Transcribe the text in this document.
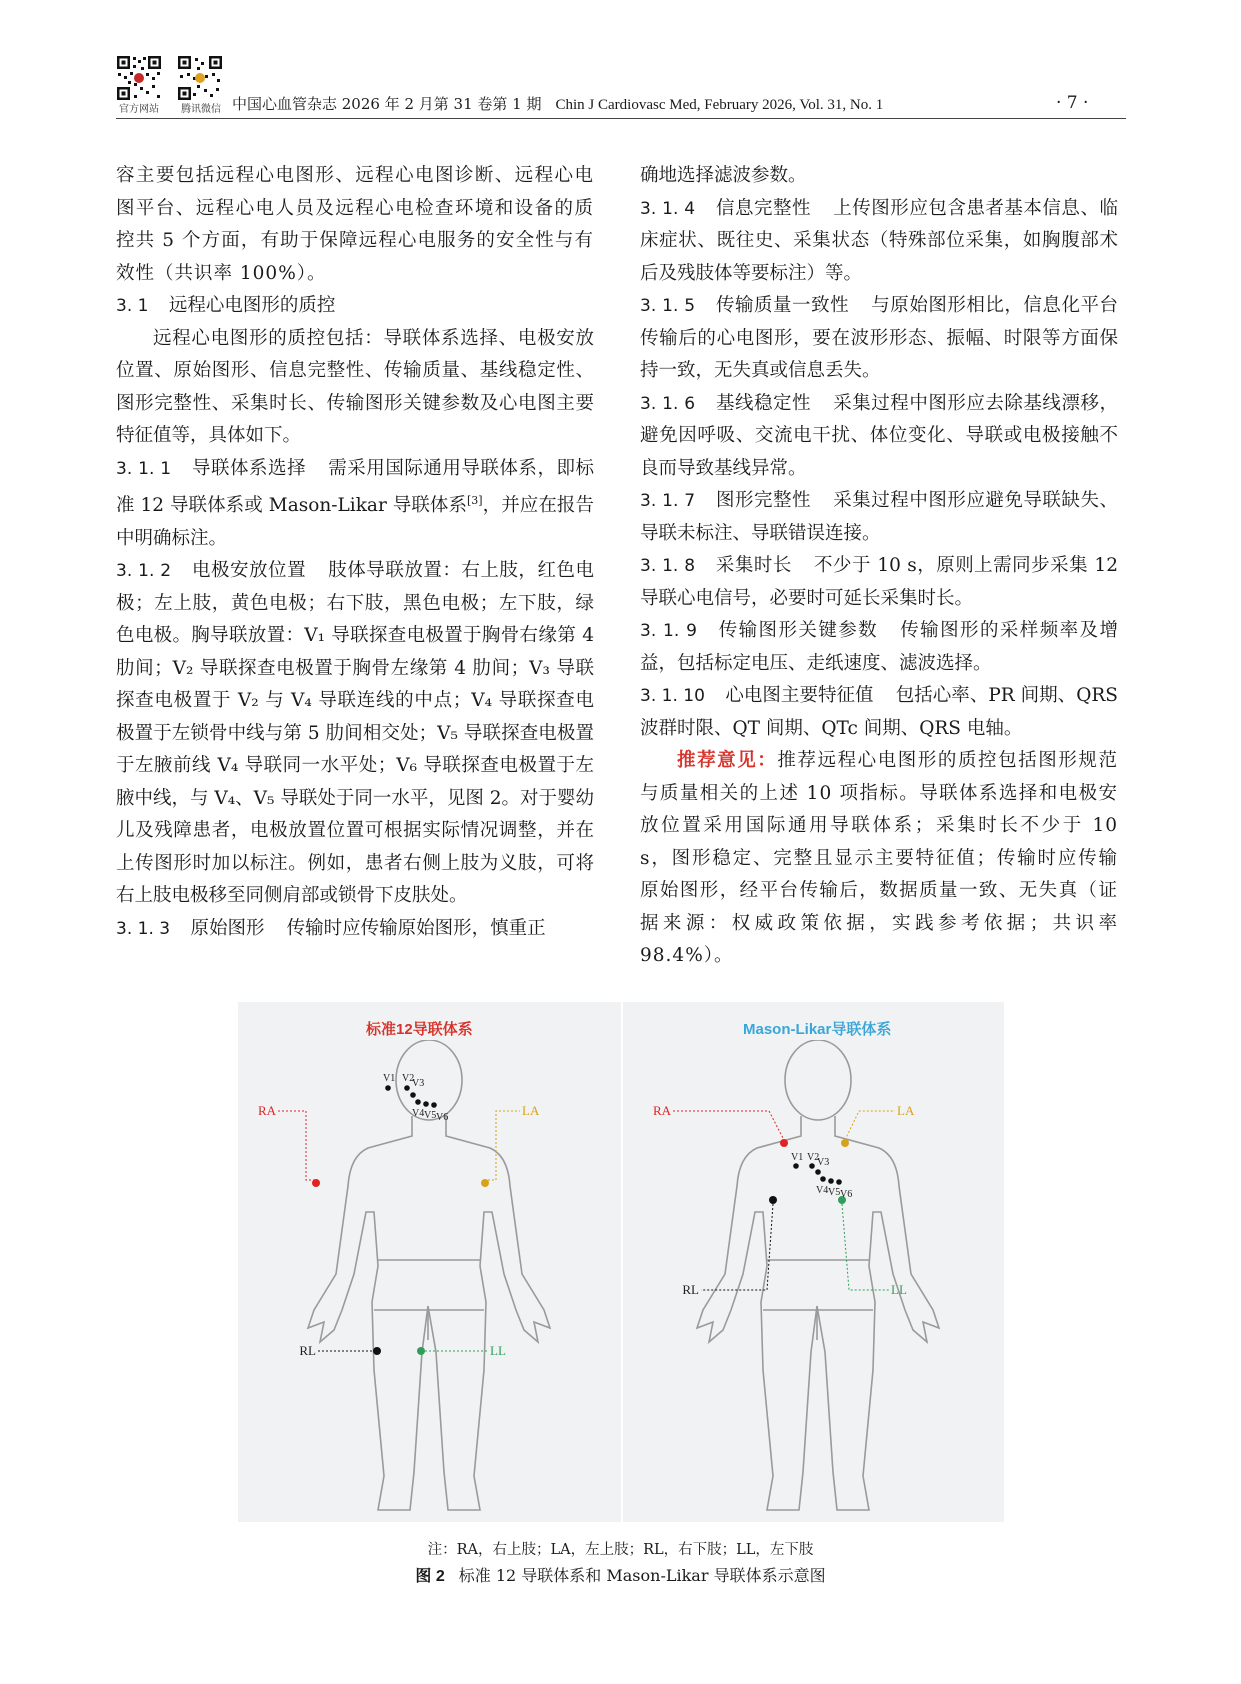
官方网站	腾讯微信 中国心血管杂志 2026 年 2 月第 31 卷第 1 期 Chin J Cardiovasc Med, February 2026, Vol. 31, No. 1	· 7 ·

容主要包括远程心电图形、远程心电图诊断、远程心电图平台、远程心电人员及远程心电检查环境和设备的质控共 5 个方面，有助于保障远程心电服务的安全性与有效性（共识率 100%）。

3. 1 远程心电图形的质控

远程心电图形的质控包括：导联体系选择、电极安放位置、原始图形、信息完整性、传输质量、基线稳定性、图形完整性、采集时长、传输图形关键参数及心电图主要特征值等，具体如下。

3. 1. 1 导联体系选择 需采用国际通用导联体系，即标准 12 导联体系或 Mason-Likar 导联体系[3]，并应在报告中明确标注。

3. 1. 2 电极安放位置 肢体导联放置：右上肢，红色电极；左上肢，黄色电极；右下肢，黑色电极；左下肢，绿色电极。胸导联放置：V₁ 导联探查电极置于胸骨右缘第 4 肋间；V₂ 导联探查电极置于胸骨左缘第 4 肋间；V₃ 导联探查电极置于 V₂ 与 V₄ 导联连线的中点；V₄ 导联探查电极置于左锁骨中线与第 5 肋间相交处；V₅ 导联探查电极置于左腋前线 V₄ 导联同一水平处；V₆ 导联探查电极置于左腋中线，与 V₄、V₅ 导联处于同一水平，见图 2。对于婴幼儿及残障患者，电极放置位置可根据实际情况调整，并在上传图形时加以标注。例如，患者右侧上肢为义肢，可将右上肢电极移至同侧肩部或锁骨下皮肤处。

3. 1. 3 原始图形 传输时应传输原始图形，慎重正

确地选择滤波参数。

3. 1. 4 信息完整性 上传图形应包含患者基本信息、临床症状、既往史、采集状态（特殊部位采集，如胸腹部术后及残肢体等要标注）等。

3. 1. 5 传输质量一致性 与原始图形相比，信息化平台传输后的心电图形，要在波形形态、振幅、时限等方面保持一致，无失真或信息丢失。

3. 1. 6 基线稳定性 采集过程中图形应去除基线漂移，避免因呼吸、交流电干扰、体位变化、导联或电极接触不良而导致基线异常。

3. 1. 7 图形完整性 采集过程中图形应避免导联缺失、导联未标注、导联错误连接。

3. 1. 8 采集时长 不少于 10 s，原则上需同步采集 12 导联心电信号，必要时可延长采集时长。

3. 1. 9 传输图形关键参数 传输图形的采样频率及增益，包括标定电压、走纸速度、滤波选择。

3. 1. 10 心电图主要特征值 包括心率、PR 间期、QRS 波群时限、QT 间期、QTc 间期、QRS 电轴。

推荐意见：推荐远程心电图形的质控包括图形规范与质量相关的上述 10 项指标。导联体系选择和电极安放位置采用国际通用导联体系；采集时长不少于 10 s，图形稳定、完整且显示主要特征值；传输时应传输原始图形，经平台传输后，数据质量一致、无失真（证据来源：权威政策依据，实践参考依据；共识率 98.4%）。

标准12导联体系	Mason-Likar导联体系
RA	LA
RL	LL
V1 V2
V3
V4 V5 V6	RA	LA
RL	LL
V1 V2
V3
V4 V5 V6
注：RA，右上肢；LA，左上肢；RL，右下肢；LL，左下肢
图 2 标准 12 导联体系和 Mason-Likar 导联体系示意图
